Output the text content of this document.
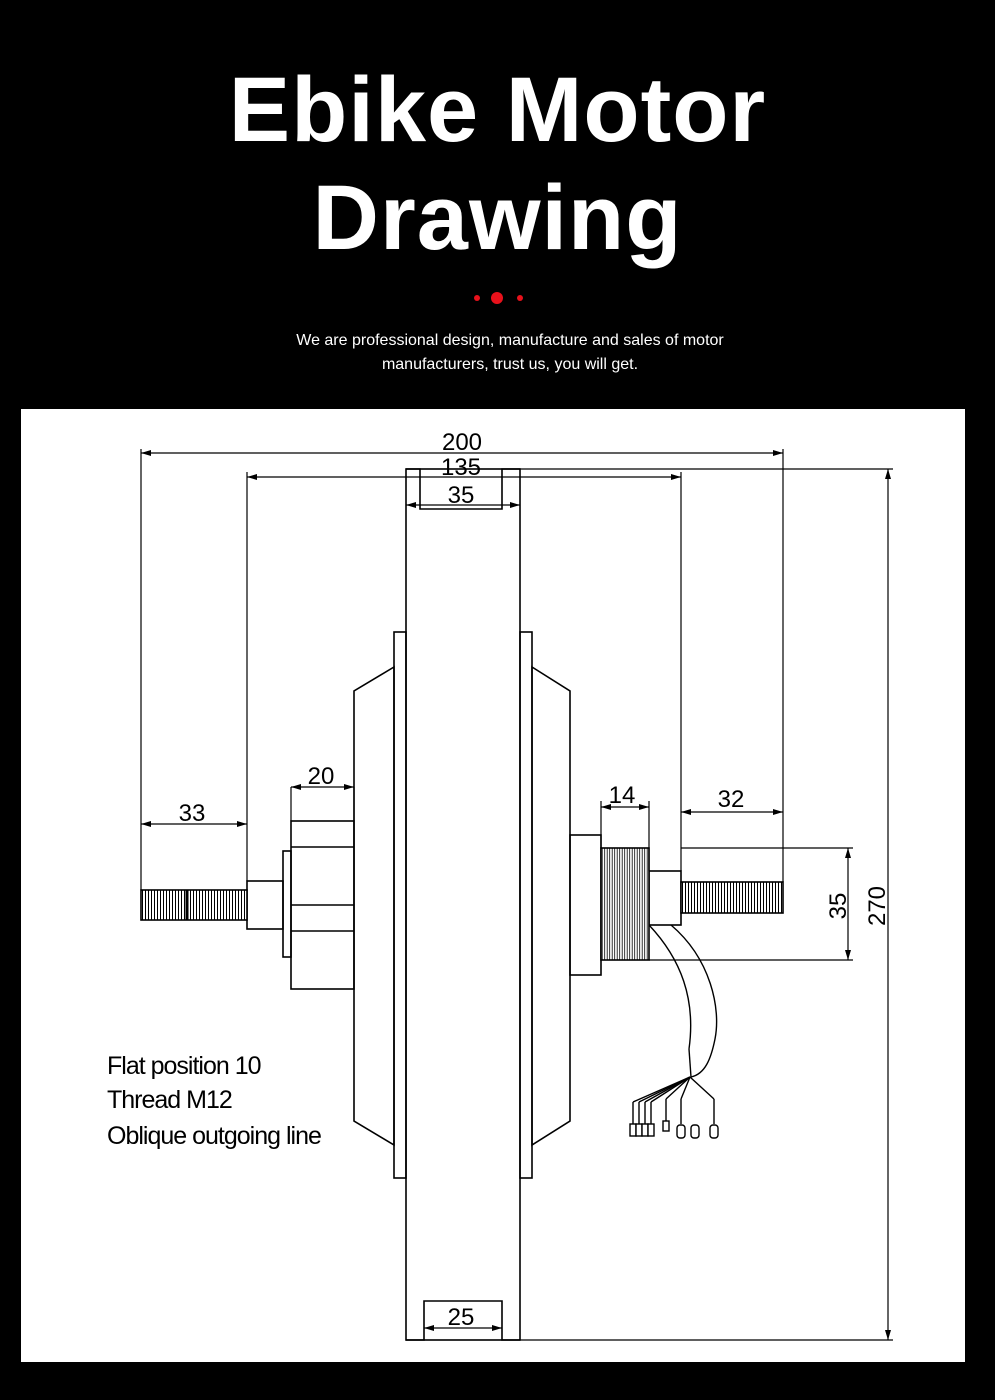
Ebike Motor
Drawing
We are professional design, manufacture and sales of motor
manufacturers, trust us, you will get.
200
135
35
33
20
14	32
35 270
25
Flat position 10
Thread M12
Oblique outgoing line
